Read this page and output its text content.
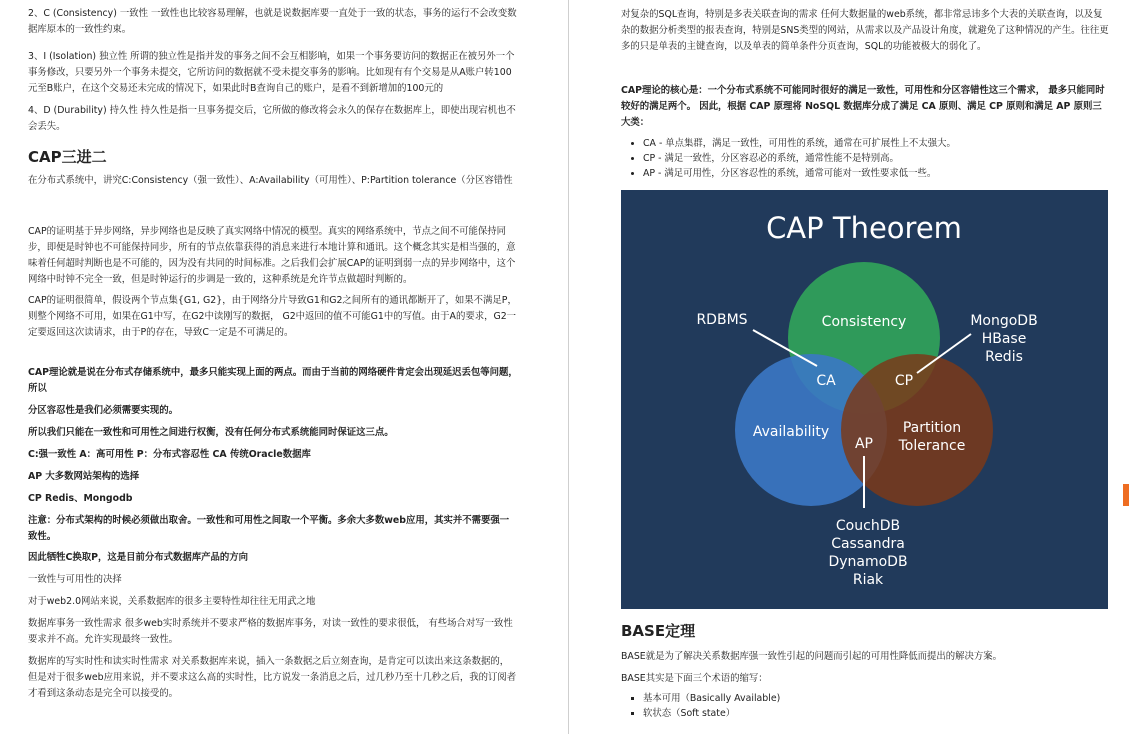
2、C (Consistency) 一致性 一致性也比较容易理解，也就是说数据库要一直处于一致的状态，事务的运行不会改变数据库原本的一致性约束。

3、I (Isolation) 独立性 所谓的独立性是指并发的事务之间不会互相影响，如果一个事务要访问的数据正在被另外一个事务修改，只要另外一个事务未提交，它所访问的数据就不受未提交事务的影响。比如现有有个交易是从A账户转100元至B账户，在这个交易还未完成的情况下，如果此时B查询自己的账户，是看不到新增加的100元的

4、D (Durability) 持久性 持久性是指一旦事务提交后，它所做的修改将会永久的保存在数据库上，即使出现宕机也不会丢失。

CAP三进二

在分布式系统中，讲究C:Consistency（强一致性）、A:Availability（可用性）、P:Partition tolerance（分区容错性

CAP的证明基于异步网络，异步网络也是反映了真实网络中情况的模型。真实的网络系统中，节点之间不可能保持同步，即便是时钟也不可能保持同步，所有的节点依靠获得的消息来进行本地计算和通讯。这个概念其实是相当强的，意味着任何超时判断也是不可能的，因为没有共同的时间标准。之后我们会扩展CAP的证明到弱一点的异步网络中，这个网络中时钟不完全一致，但是时钟运行的步调是一致的，这种系统是允许节点做超时判断的。

CAP的证明很简单，假设两个节点集{G1, G2}，由于网络分片导致G1和G2之间所有的通讯都断开了，如果不满足P，则整个网络不可用，如果在G1中写，在G2中读刚写的数据， G2中返回的值不可能G1中的写值。由于A的要求，G2一定要返回这次读请求，由于P的存在，导致C一定是不可满足的。

CAP理论就是说在分布式存储系统中，最多只能实现上面的两点。而由于当前的网络硬件肯定会出现延迟丢包等问题，所以

分区容忍性是我们必须需要实现的。

所以我们只能在一致性和可用性之间进行权衡，没有任何分布式系统能同时保证这三点。

C:强一致性 A：高可用性 P：分布式容忍性 CA 传统Oracle数据库

AP 大多数网站架构的选择

CP Redis、Mongodb

注意：分布式架构的时候必须做出取舍。一致性和可用性之间取一个平衡。多余大多数web应用，其实并不需要强一致性。

因此牺牲C换取P，这是目前分布式数据库产品的方向

一致性与可用性的决择

对于web2.0网站来说，关系数据库的很多主要特性却往往无用武之地

数据库事务一致性需求 很多web实时系统并不要求严格的数据库事务，对读一致性的要求很低， 有些场合对写一致性要求并不高。允许实现最终一致性。

数据库的写实时性和读实时性需求 对关系数据库来说，插入一条数据之后立刻查询，是肯定可以读出来这条数据的，但是对于很多web应用来说，并不要求这么高的实时性，比方说发一条消息之后，过几秒乃至十几秒之后，我的订阅者才看到这条动态是完全可以接受的。

对复杂的SQL查询，特别是多表关联查询的需求 任何大数据量的web系统，都非常忌讳多个大表的关联查询，以及复杂的数据分析类型的报表查询，特别是SNS类型的网站，从需求以及产品设计角度，就避免了这种情况的产生。往往更多的只是单表的主键查询，以及单表的简单条件分页查询，SQL的功能被极大的弱化了。

CAP理论的核心是：一个分布式系统不可能同时很好的满足一致性，可用性和分区容错性这三个需求， 最多只能同时较好的满足两个。 因此，根据 CAP 原理将 NoSQL 数据库分成了满足 CA 原则、满足 CP 原则和满足 AP 原则三大类：

• CA - 单点集群，满足一致性，可用性的系统，通常在可扩展性上不太强大。
• CP - 满足一致性，分区容忍必的系统，通常性能不是特别高。
• AP - 满足可用性，分区容忍性的系统，通常可能对一致性要求低一些。
CAP Theorem
Consistency
Availability	Partition
Tolerance
CA	CP
AP
RDBMS	MongoDB
HBase
Redis
CouchDB
Cassandra
DynamoDB
Riak
BASE定理

BASE就是为了解决关系数据库强一致性引起的问题而引起的可用性降低而提出的解决方案。

BASE其实是下面三个术语的缩写：

▪ 基本可用（Basically Available)
▪ 软状态（Soft state）
